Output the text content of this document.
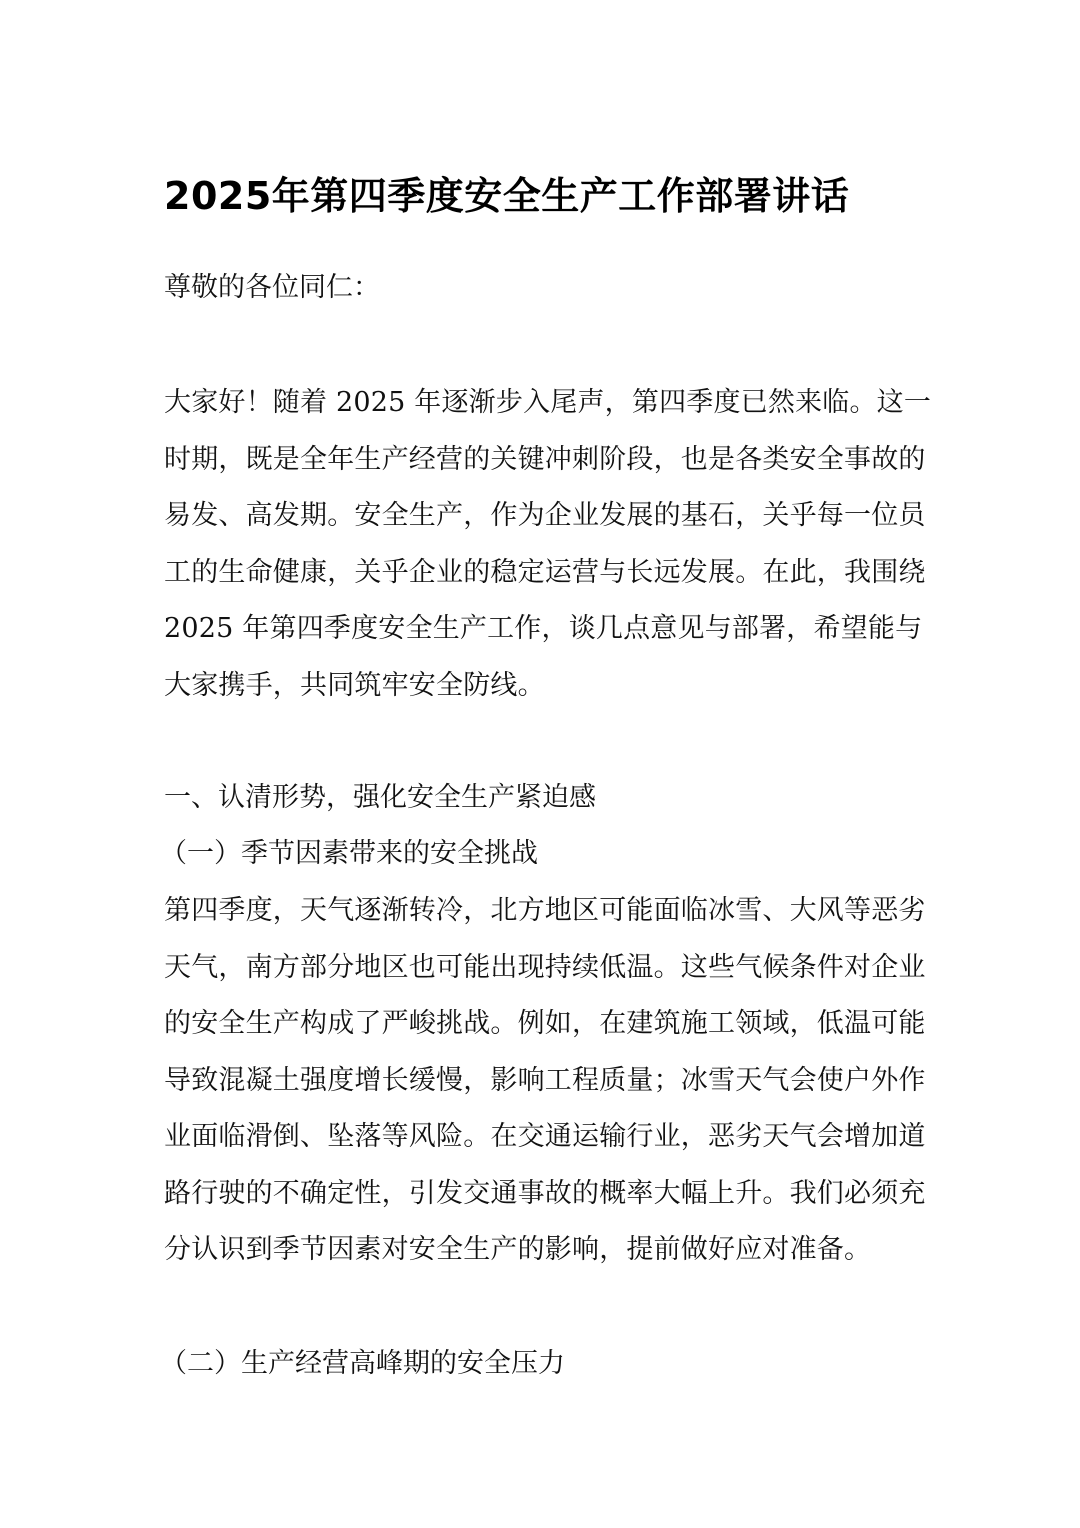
2025年第四季度安全生产工作部署讲话
尊敬的各位同仁：
大家好！随着 2025 年逐渐步入尾声，第四季度已然来临。这一
时期，既是全年生产经营的关键冲刺阶段，也是各类安全事故的
易发、高发期。安全生产，作为企业发展的基石，关乎每一位员
工的生命健康，关乎企业的稳定运营与长远发展。在此，我围绕
2025 年第四季度安全生产工作，谈几点意见与部署，希望能与
大家携手，共同筑牢安全防线。
一、认清形势，强化安全生产紧迫感
（一）季节因素带来的安全挑战
第四季度，天气逐渐转冷，北方地区可能面临冰雪、大风等恶劣
天气，南方部分地区也可能出现持续低温。这些气候条件对企业
的安全生产构成了严峻挑战。例如，在建筑施工领域，低温可能
导致混凝土强度增长缓慢，影响工程质量；冰雪天气会使户外作
业面临滑倒、坠落等风险。在交通运输行业，恶劣天气会增加道
路行驶的不确定性，引发交通事故的概率大幅上升。我们必须充
分认识到季节因素对安全生产的影响，提前做好应对准备。
（二）生产经营高峰期的安全压力
